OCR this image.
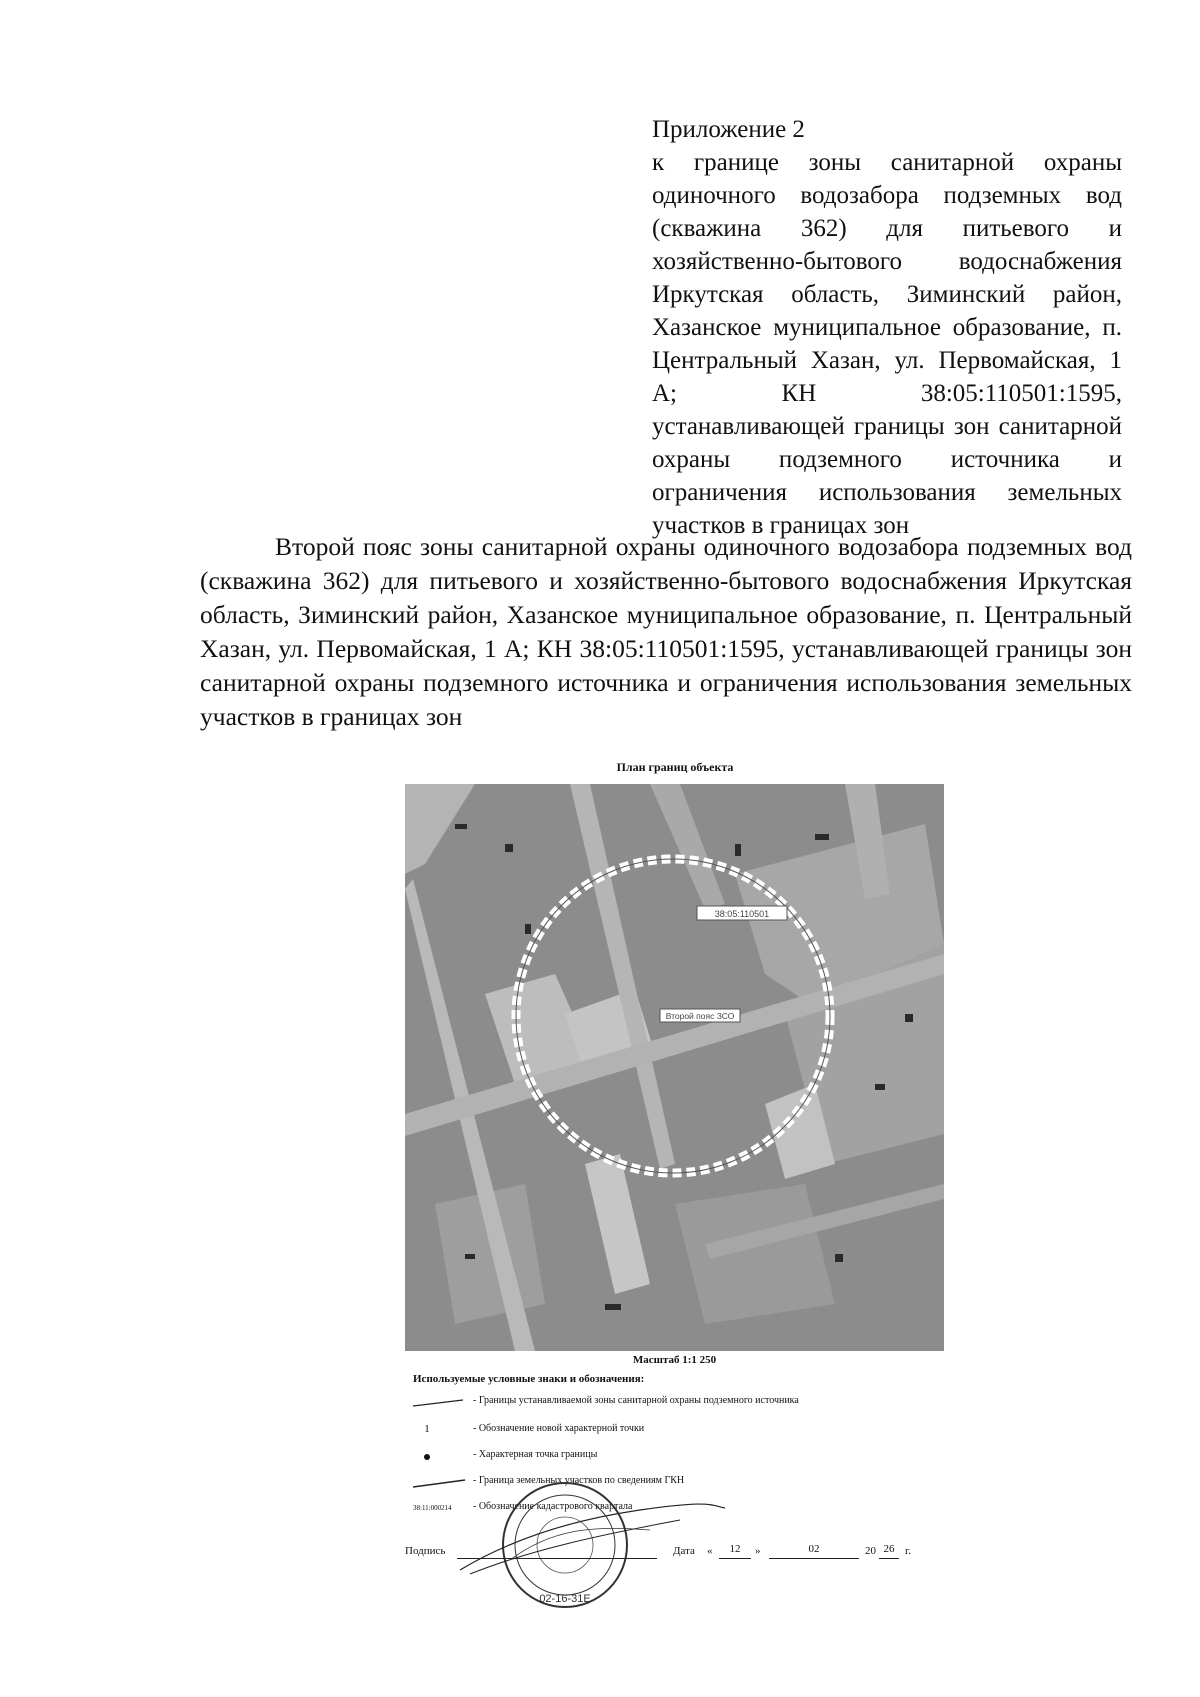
Приложение 2
к границе зоны санитарной охраны одиночного водозабора подземных вод (скважина 362) для питьевого и хозяйственно-бытового водоснабжения Иркутская область, Зиминский район, Хазанское муниципальное образование, п. Центральный Хазан, ул. Первомайская, 1 А; КН 38:05:110501:1595, устанавливающей границы зон санитарной охраны подземного источника и ограничения использования земельных участков в границах зон
Второй пояс зоны санитарной охраны одиночного водозабора подземных вод (скважина 362) для питьевого и хозяйственно-бытового водоснабжения Иркутская область, Зиминский район, Хазанское муниципальное образование, п. Центральный Хазан, ул. Первомайская, 1 А; КН 38:05:110501:1595, устанавливающей границы зон санитарной охраны подземного источника и ограничения использования земельных участков в границах зон
План границ объекта
38:05:110501
Второй пояс ЗСО
Масштаб 1:1 250
Используемые условные знаки и обозначения:
- Границы устанавливаемой зоны санитарной охраны подземного источника
1	- Обозначение новой характерной точки
- Характерная точка границы
- Граница земельных участков по сведениям ГКН
38:11:000214	- Обозначение кадастрового квартала
02-16-31Е
Подпись	Дата «	12	»	02	20 26 г.
